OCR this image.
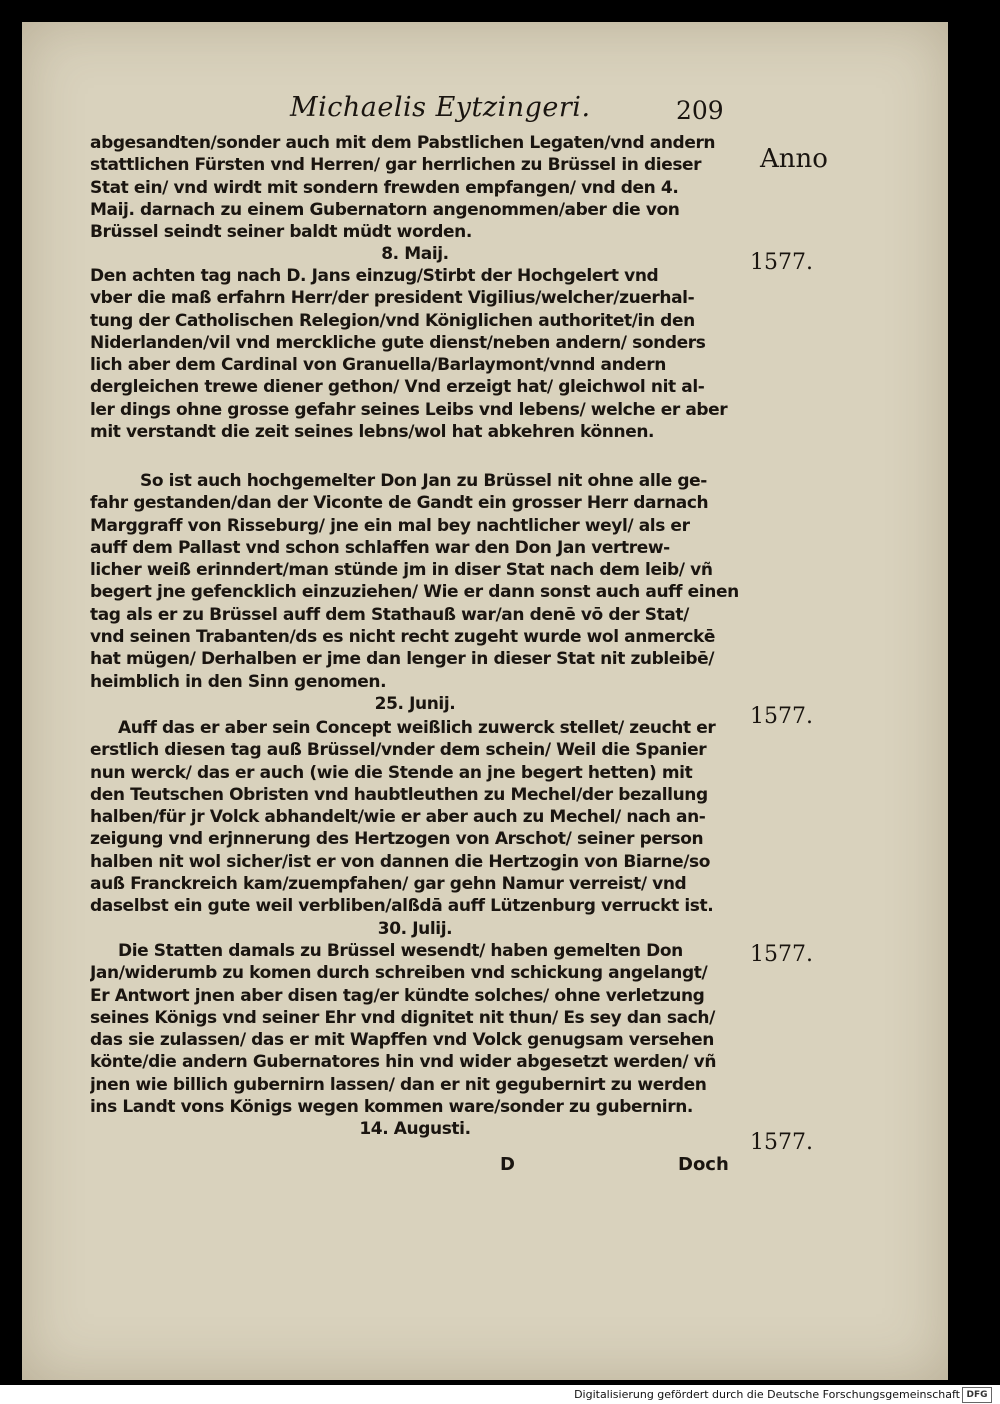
Michaelis Eytzingeri.	209
Anno
1577.
1577.
1577.
1577.
abgesandten/sonder auch mit dem Pabstlichen Legaten/vnd andern
stattlichen Fürsten vnd Herren/ gar herrlichen zu Brüssel in dieser
Stat ein/ vnd wirdt mit sondern frewden empfangen/ vnd den 4.
Maij. darnach zu einem Gubernatorn angenommen/aber die von
Brüssel seindt seiner baldt müdt worden.
8. Maij.
Den achten tag nach D. Jans einzug/Stirbt der Hochgelert vnd
vber die maß erfahrn Herr/der president Vigilius/welcher/zuerhal-
tung der Catholischen Relegion/vnd Königlichen authoritet/in den
Niderlanden/vil vnd merckliche gute dienst/neben andern/ sonders
lich aber dem Cardinal von Granuella/Barlaymont/vnnd andern
dergleichen trewe diener gethon/ Vnd erzeigt hat/ gleichwol nit al-
ler dings ohne grosse gefahr seines Leibs vnd lebens/ welche er aber
mit verstandt die zeit seines lebns/wol hat abkehren können.
So ist auch hochgemelter Don Jan zu Brüssel nit ohne alle ge-
fahr gestanden/dan der Viconte de Gandt ein grosser Herr darnach
Marggraff von Risseburg/ jne ein mal bey nachtlicher weyl/ als er
auff dem Pallast vnd schon schlaffen war den Don Jan vertrew-
licher weiß erinndert/man stünde jm in diser Stat nach dem leib/ vñ
begert jne gefencklich einzuziehen/ Wie er dann sonst auch auff einen
tag als er zu Brüssel auff dem Stathauß war/an denē vō der Stat/
vnd seinen Trabanten/ds es nicht recht zugeht wurde wol anmerckē
hat mügen/ Derhalben er jme dan lenger in dieser Stat nit zubleibē/
heimblich in den Sinn genomen.
25. Junij.
Auff das er aber sein Concept weißlich zuwerck stellet/ zeucht er
erstlich diesen tag auß Brüssel/vnder dem schein/ Weil die Spanier
nun werck/ das er auch (wie die Stende an jne begert hetten) mit
den Teutschen Obristen vnd haubtleuthen zu Mechel/der bezallung
halben/für jr Volck abhandelt/wie er aber auch zu Mechel/ nach an-
zeigung vnd erjnnerung des Hertzogen von Arschot/ seiner person
halben nit wol sicher/ist er von dannen die Hertzogin von Biarne/so
auß Franckreich kam/zuempfahen/ gar gehn Namur verreist/ vnd
daselbst ein gute weil verbliben/alßdā auff Lützenburg verruckt ist.
30. Julij.
Die Statten damals zu Brüssel wesendt/ haben gemelten Don
Jan/widerumb zu komen durch schreiben vnd schickung angelangt/
Er Antwort jnen aber disen tag/er kündte solches/ ohne verletzung
seines Königs vnd seiner Ehr vnd dignitet nit thun/ Es sey dan sach/
das sie zulassen/ das er mit Wapffen vnd Volck genugsam versehen
könte/die andern Gubernatores hin vnd wider abgesetzt werden/ vñ
jnen wie billich gubernirn lassen/ dan er nit gegubernirt zu werden
ins Landt vons Königs wegen kommen ware/sonder zu gubernirn.
14. Augusti.
D	Doch
Digitalisierung gefördert durch die Deutsche Forschungsgemeinschaft DFG
